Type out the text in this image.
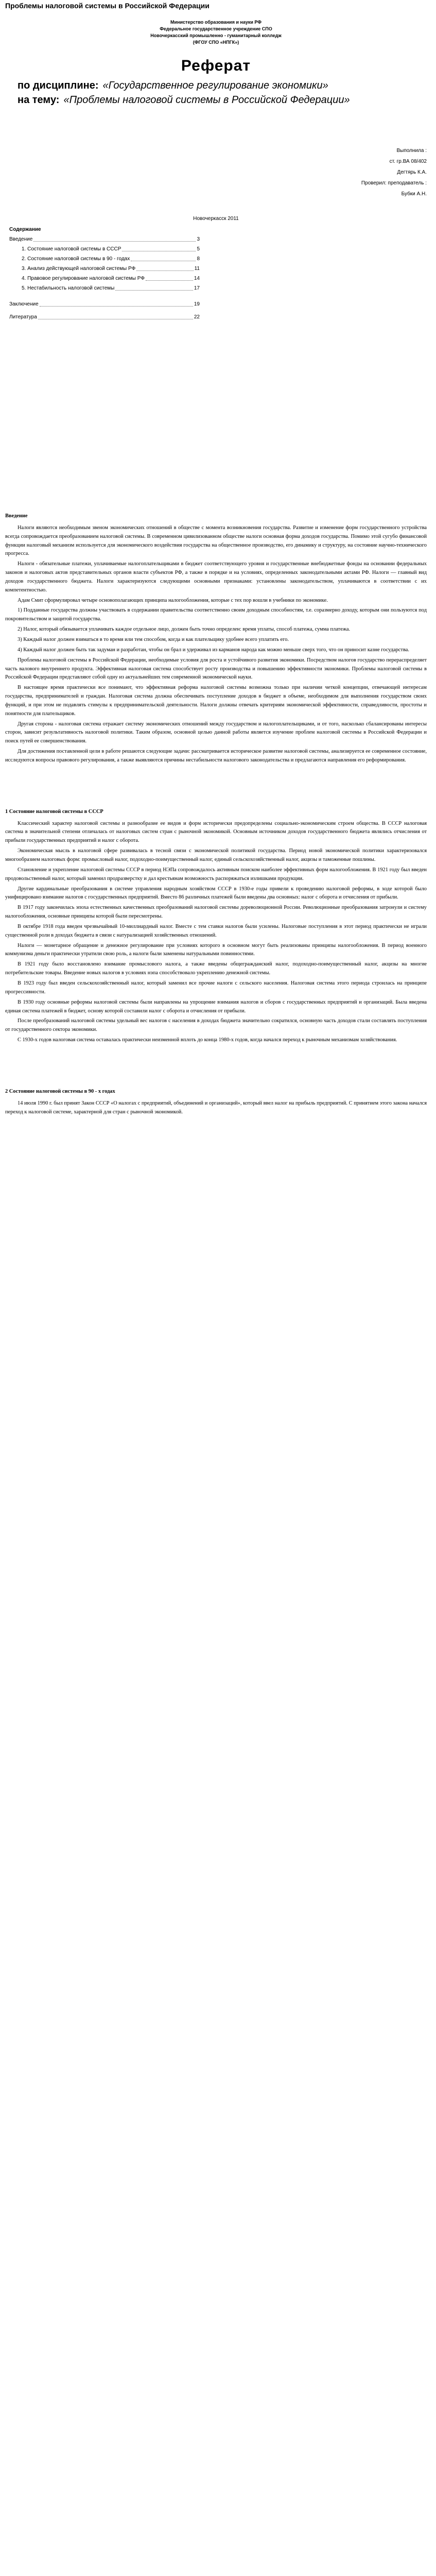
Проблемы налоговой системы в Российской Федерации
Министерство образования и науки РФ
Федеральное государственное учреждение СПО
Новочеркасский промышленно - гуманитарный колледж
(ФГОУ СПО «НПГК»)
Реферат
по дисциплине: «Государственное регулирование экономики»
на тему: «Проблемы налоговой системы в Российской Федерации»
Выполнила :
ст. гр.ВА 08/402
Дегтярь К.А.
Проверил: преподаватель :
Бубки А.Н.
Новочеркасск 2011
Содержание
Введение	3
1. Состояние налоговой системы в СССР	5
2. Состояние налоговой системы в 90 - годах	8
3. Анализ действующей налоговой системы РФ	11
4. Правовое регулирование налоговой системы РФ	14
5. Нестабильность налоговой системы	17
Заключение	19
Литература	22
Введение

Налоги являются необходимым звеном экономических отношений в обществе с момента возникновения государства. Развитие и изменение форм государственного устройства всегда сопровождается преобразованием налоговой системы. В современном цивилизованном обществе налоги основная форма доходов государства. Помимо этой сугубо финансовой функции налоговый механизм используется для экономического воздействия государства на общественное производство, его динамику и структуру, на состояние научно-технического прогресса.

Налоги - обязательные платежи, уплачиваемые налогоплательщиками в бюджет соответствующего уровня и государственные внебюджетные фонды на основании федеральных законов и налоговых актов представительных органов власти субъектов РФ, а также в порядке и на условиях, определенных законодательными актами РФ. Налоги — главный вид доходов государственного бюджета. Налоги характеризуются следующими основными признаками: установлены законодательством, уплачиваются в соответствии с их компетентностью.

Адам Смит сформулировал четыре основополагающих принципа налогообложения, которые с тех пор вошли в учебники по экономике.

1) Подданные государства должны участвовать в содержании правительства соответственно своим доходным способностям, т.е. соразмерно доходу, которым они пользуются под покровительством и защитой государства.

2) Налог, который обязывается уплачивать каждое отдельное лицо, должен быть точно определен: время уплаты, способ платежа, сумма платежа.

3) Каждый налог должен взиматься в то время или тем способом, когда и как плательщику удобнее всего уплатить его.

4) Каждый налог должен быть так задуман и разработан, чтобы он брал и удерживал из карманов народа как можно меньше сверх того, что он приносит казне государства.

Проблемы налоговой системы в Российской Федерации, необходимые условия для роста и устойчивого развития экономики. Посредством налогов государство перераспределяет часть валового внутреннего продукта. Эффективная налоговая система способствует росту производства и повышению эффективности экономики. Проблемы налоговой системы в Российской Федерации представляют собой одну из актуальнейших тем современной экономической науки.

В настоящее время практически все понимают, что эффективная реформа налоговой системы возможна только при наличии четкой концепции, отвечающей интересам государства, предпринимателей и граждан. Налоговая система должна обеспечивать поступление доходов в бюджет в объеме, необходимом для выполнения государством своих функций, и при этом не подавлять стимулы к предпринимательской деятельности. Налоги должны отвечать критериям экономической эффективности, справедливости, простоты и понятности для плательщиков.

Другая сторона - налоговая система отражает систему экономических отношений между государством и налогоплательщиками, и от того, насколько сбалансированы интересы сторон, зависит результативность налоговой политики. Таким образом, основной целью данной работы является изучение проблем налоговой системы в Российской Федерации и поиск путей ее совершенствования.

Для достижения поставленной цели в работе решаются следующие задачи: рассматривается историческое развитие налоговой системы, анализируется ее современное состояние, исследуются вопросы правового регулирования, а также выявляются причины нестабильности налогового законодательства и предлагаются направления его реформирования.

1 Состояние налоговой системы в СССР

Классический характер налоговой системы и разнообразие ее видов и форм исторически предопределены социально-экономическим строем общества. В СССР налоговая система в значительной степени отличалась от налоговых систем стран с рыночной экономикой. Основным источником доходов государственного бюджета являлись отчисления от прибыли государственных предприятий и налог с оборота.

Экономическая мысль в налоговой сфере развивалась в тесной связи с экономической политикой государства. Период новой экономической политики характеризовался многообразием налоговых форм: промысловый налог, подоходно-поимущественный налог, единый сельскохозяйственный налог, акцизы и таможенные пошлины.

Становление и укрепление налоговой системы СССР в период НЭПа сопровождалось активным поиском наиболее эффективных форм налогообложения. В 1921 году был введен продовольственный налог, который заменил продразверстку и дал крестьянам возможность распоряжаться излишками продукции.

Другие кардинальные преобразования в системе управления народным хозяйством СССР в 1930-е годы привели к проведению налоговой реформы, в ходе которой было унифицировано взимание налогов с государственных предприятий. Вместо 86 различных платежей были введены два основных: налог с оборота и отчисления от прибыли.

В 1917 году закончилась эпоха естественных качественных преобразований налоговой системы дореволюционной России. Революционные преобразования затронули и систему налогообложения, основные принципы которой были пересмотрены.

В октябре 1918 года введен чрезвычайный 10-миллиардный налог. Вместе с тем ставки налогов были усилены. Налоговые поступления в этот период практически не играли существенной роли в доходах бюджета в связи с натурализацией хозяйственных отношений.

Налоги — монетарное обращение и денежное регулирование при условиях которого в основном могут быть реализованы принципы налогообложения. В период военного коммунизма деньги практически утратили свою роль, а налоги были заменены натуральными повинностями.

В 1921 году было восстановлено взимание промыслового налога, а также введены общегражданский налог, подоходно-поимущественный налог, акцизы на многие потребительские товары. Введение новых налогов в условиях нэпа способствовало укреплению денежной системы.

В 1923 году был введен сельскохозяйственный налог, который заменил все прочие налоги с сельского населения. Налоговая система этого периода строилась на принципе прогрессивности.

В 1930 году основные реформы налоговой системы были направлены на упрощение взимания налогов и сборов с государственных предприятий и организаций. Была введена единая система платежей в бюджет, основу которой составили налог с оборота и отчисления от прибыли.

После преобразований налоговой системы удельный вес налогов с населения в доходах бюджета значительно сократился, основную часть доходов стали составлять поступления от государственного сектора экономики.

С 1930-х годов налоговая система оставалась практически неизменной вплоть до конца 1980-х годов, когда начался переход к рыночным механизмам хозяйствования.

2 Состояние налоговой системы в 90 - х годах

14 июля 1990 г. был принят Закон СССР «О налогах с предприятий, объединений и организаций», который ввел налог на прибыль предприятий. С принятием этого закона начался переход к налоговой системе, характерной для стран с рыночной экономикой.
